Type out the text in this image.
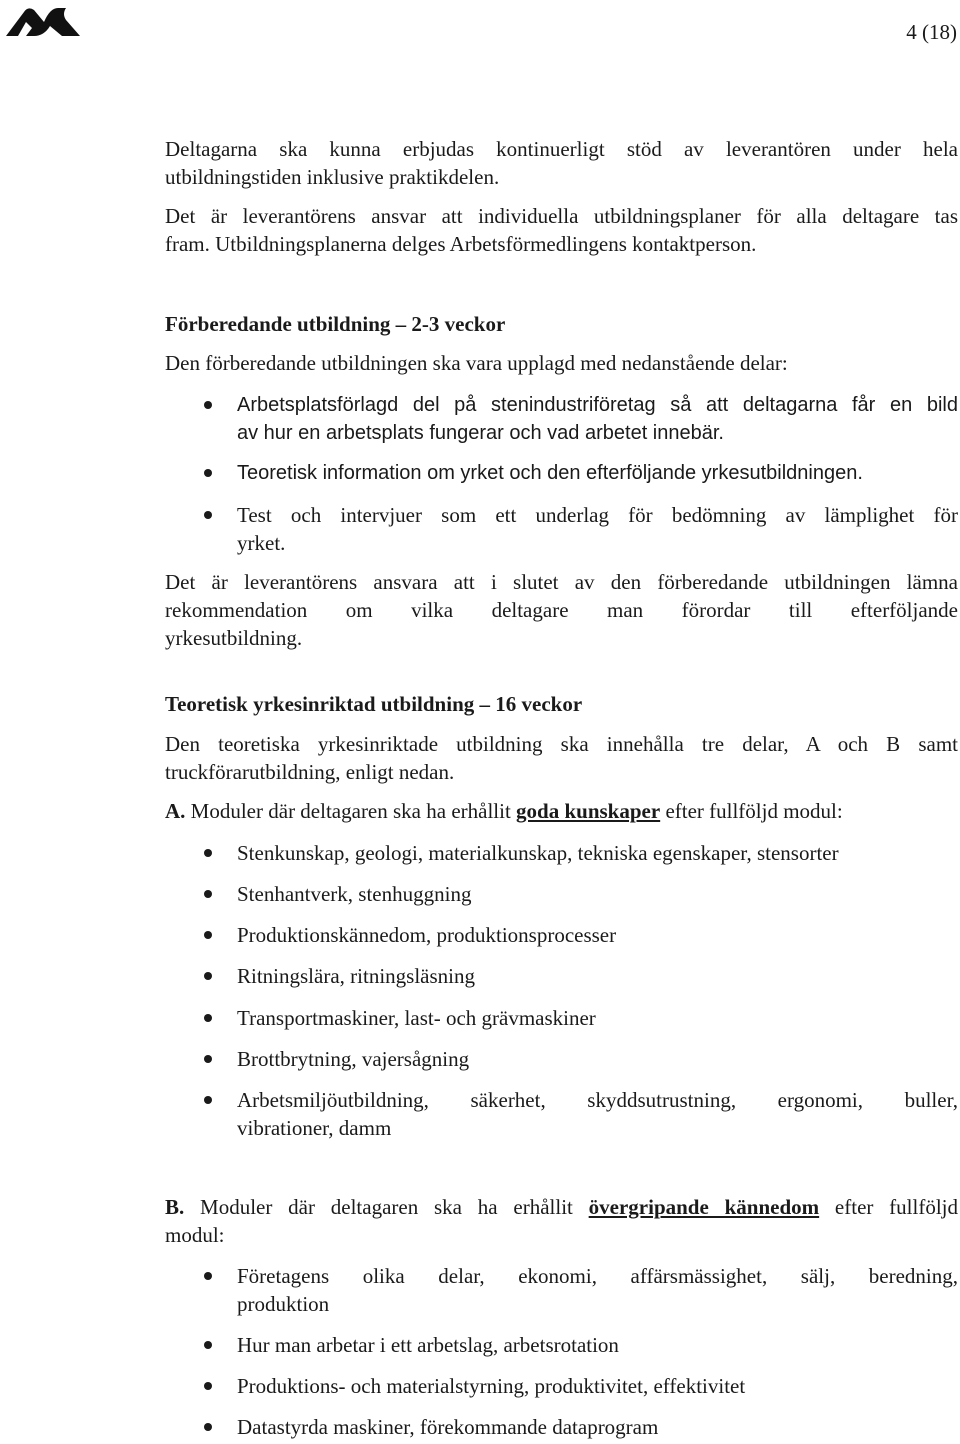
4 (18)
Deltagarna ska kunna erbjudas kontinuerligt stöd av leverantören under hela
utbildningstiden inklusive praktikdelen.
Det är leverantörens ansvar att individuella utbildningsplaner för alla deltagare tas
fram. Utbildningsplanerna delges Arbetsförmedlingens kontaktperson.
Förberedande utbildning – 2-3 veckor
Den förberedande utbildningen ska vara upplagd med nedanstående delar:
Arbetsplatsförlagd del på stenindustriföretag så att deltagarna får en bild
av hur en arbetsplats fungerar och vad arbetet innebär.
Teoretisk information om yrket och den efterföljande yrkesutbildningen.
Test och intervjuer som ett underlag för bedömning av lämplighet för
yrket.
Det är leverantörens ansvara att i slutet av den förberedande utbildningen lämna
rekommendation om vilka deltagare man förordar till efterföljande
yrkesutbildning.
Teoretisk yrkesinriktad utbildning – 16 veckor
Den teoretiska yrkesinriktade utbildning ska innehålla tre delar, A och B samt
truckförarutbildning, enligt nedan.
A. Moduler där deltagaren ska ha erhållit goda kunskaper efter fullföljd modul:
Stenkunskap, geologi, materialkunskap, tekniska egenskaper, stensorter
Stenhantverk, stenhuggning
Produktionskännedom, produktionsprocesser
Ritningslära, ritningsläsning
Transportmaskiner, last- och grävmaskiner
Brottbrytning, vajersågning
Arbetsmiljöutbildning, säkerhet, skyddsutrustning, ergonomi, buller,
vibrationer, damm
B. Moduler där deltagaren ska ha erhållit övergripande kännedom efter fullföljd
modul:
Företagens olika delar, ekonomi, affärsmässighet, sälj, beredning,
produktion
Hur man arbetar i ett arbetslag, arbetsrotation
Produktions- och materialstyrning, produktivitet, effektivitet
Datastyrda maskiner, förekommande dataprogram
